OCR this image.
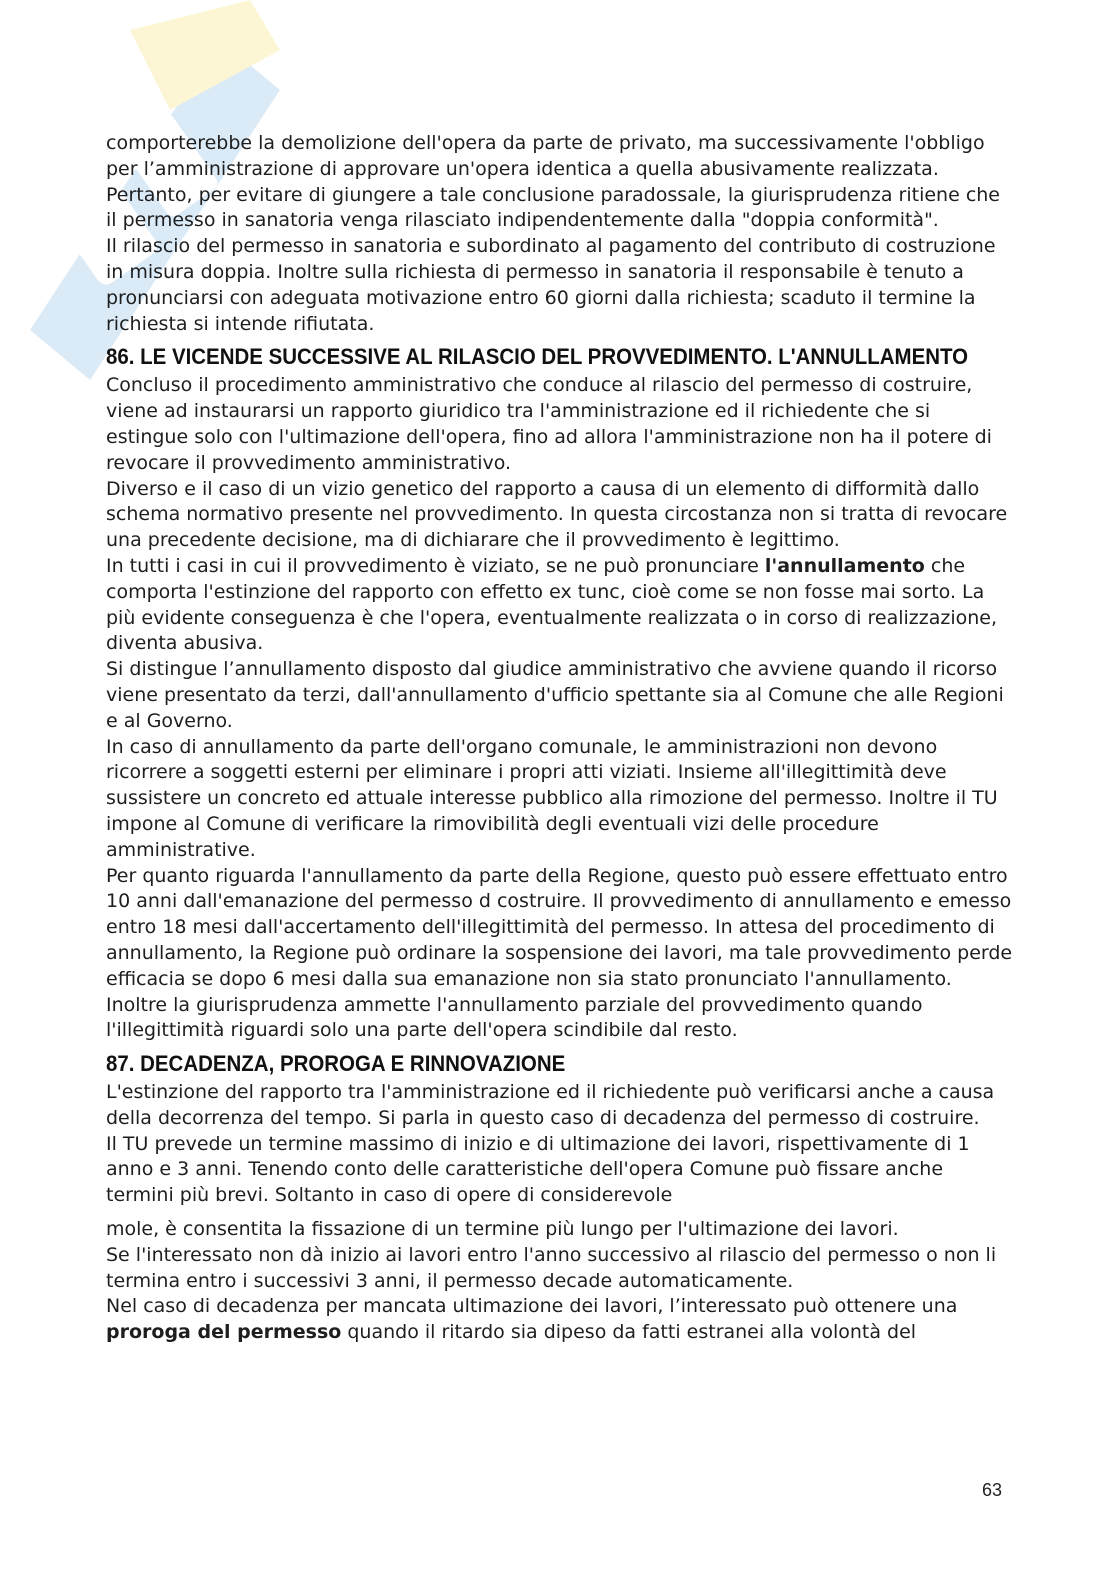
comporterebbe la demolizione dell'opera da parte de privato, ma successivamente l'obbligo per l’amministrazione di approvare un'opera identica a quella abusivamente realizzata. Pertanto, per evitare di giungere a tale conclusione paradossale, la giurisprudenza ritiene che il permesso in sanatoria venga rilasciato indipendentemente dalla "doppia conformità".

Il rilascio del permesso in sanatoria e subordinato al pagamento del contributo di costruzione in misura doppia. Inoltre sulla richiesta di permesso in sanatoria il responsabile è tenuto a pronunciarsi con adeguata motivazione entro 60 giorni dalla richiesta; scaduto il termine la richiesta si intende rifiutata.

86. LE VICENDE SUCCESSIVE AL RILASCIO DEL PROVVEDIMENTO. L'ANNULLAMENTO

Concluso il procedimento amministrativo che conduce al rilascio del permesso di costruire, viene ad instaurarsi un rapporto giuridico tra l'amministrazione ed il richiedente che si estingue solo con l'ultimazione dell'opera, fino ad allora l'amministrazione non ha il potere di revocare il provvedimento amministrativo.

Diverso e il caso di un vizio genetico del rapporto a causa di un elemento di difformità dallo schema normativo presente nel provvedimento. In questa circostanza non si tratta di revocare una precedente decisione, ma di dichiarare che il provvedimento è legittimo.

In tutti i casi in cui il provvedimento è viziato, se ne può pronunciare l'annullamento che comporta l'estinzione del rapporto con effetto ex tunc, cioè come se non fosse mai sorto. La più evidente conseguenza è che l'opera, eventualmente realizzata o in corso di realizzazione, diventa abusiva.

Si distingue l’annullamento disposto dal giudice amministrativo che avviene quando il ricorso viene presentato da terzi, dall'annullamento d'ufficio spettante sia al Comune che alle Regioni e al Governo.

In caso di annullamento da parte dell'organo comunale, le amministrazioni non devono ricorrere a soggetti esterni per eliminare i propri atti viziati. Insieme all'illegittimità deve sussistere un concreto ed attuale interesse pubblico alla rimozione del permesso. Inoltre il TU impone al Comune di verificare la rimovibilità degli eventuali vizi delle procedure amministrative.

Per quanto riguarda l'annullamento da parte della Regione, questo può essere effettuato entro 10 anni dall'emanazione del permesso d costruire. Il provvedimento di annullamento e emesso entro 18 mesi dall'accertamento dell'illegittimità del permesso. In attesa del procedimento di annullamento, la Regione può ordinare la sospensione dei lavori, ma tale provvedimento perde efficacia se dopo 6 mesi dalla sua emanazione non sia stato pronunciato l'annullamento.

Inoltre la giurisprudenza ammette l'annullamento parziale del provvedimento quando l'illegittimità riguardi solo una parte dell'opera scindibile dal resto.

87. DECADENZA, PROROGA E RINNOVAZIONE

L'estinzione del rapporto tra l'amministrazione ed il richiedente può verificarsi anche a causa della decorrenza del tempo. Si parla in questo caso di decadenza del permesso di costruire.

Il TU prevede un termine massimo di inizio e di ultimazione dei lavori, rispettivamente di 1 anno e 3 anni. Tenendo conto delle caratteristiche dell'opera Comune può fissare anche termini più brevi. Soltanto in caso di opere di considerevole

mole, è consentita la fissazione di un termine più lungo per l'ultimazione dei lavori.

Se l'interessato non dà inizio ai lavori entro l'anno successivo al rilascio del permesso o non li termina entro i successivi 3 anni, il permesso decade automaticamente.

Nel caso di decadenza per mancata ultimazione dei lavori, l’interessato può ottenere una proroga del permesso quando il ritardo sia dipeso da fatti estranei alla volontà del

63
